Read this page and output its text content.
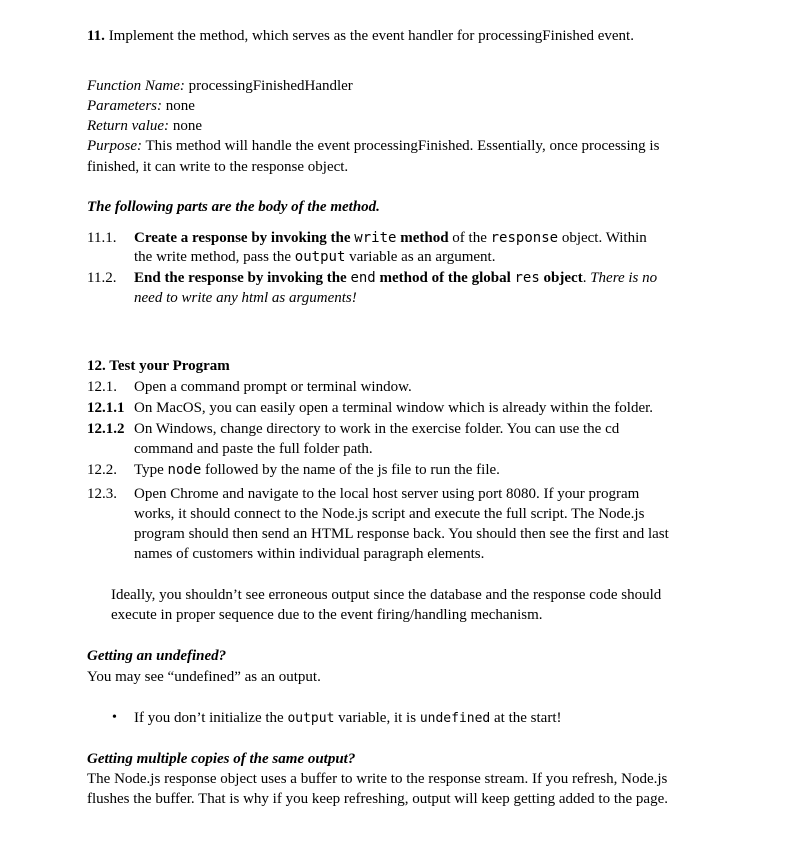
11. Implement the method, which serves as the event handler for processingFinished event.
Function Name: processingFinishedHandler
Parameters: none
Return value: none
Purpose: This method will handle the event processingFinished. Essentially, once processing is
finished, it can write to the response object.
The following parts are the body of the method.
11.1. Create a response by invoking the write method of the response object. Within
the write method, pass the output variable as an argument.
11.2. End the response by invoking the end method of the global res object. There is no
need to write any html as arguments!
12. Test your Program
12.1. Open a command prompt or terminal window.
12.1.1 On MacOS, you can easily open a terminal window which is already within the folder.
12.1.2 On Windows, change directory to work in the exercise folder. You can use the cd
command and paste the full folder path.
12.2. Type node followed by the name of the js file to run the file.
12.3. Open Chrome and navigate to the local host server using port 8080. If your program
works, it should connect to the Node.js script and execute the full script. The Node.js
program should then send an HTML response back. You should then see the first and last
names of customers within individual paragraph elements.
Ideally, you shouldn’t see erroneous output since the database and the response code should
execute in proper sequence due to the event firing/handling mechanism.
Getting an undefined?
You may see “undefined” as an output.
• If you don’t initialize the output variable, it is undefined at the start!
Getting multiple copies of the same output?
The Node.js response object uses a buffer to write to the response stream. If you refresh, Node.js
flushes the buffer. That is why if you keep refreshing, output will keep getting added to the page.
